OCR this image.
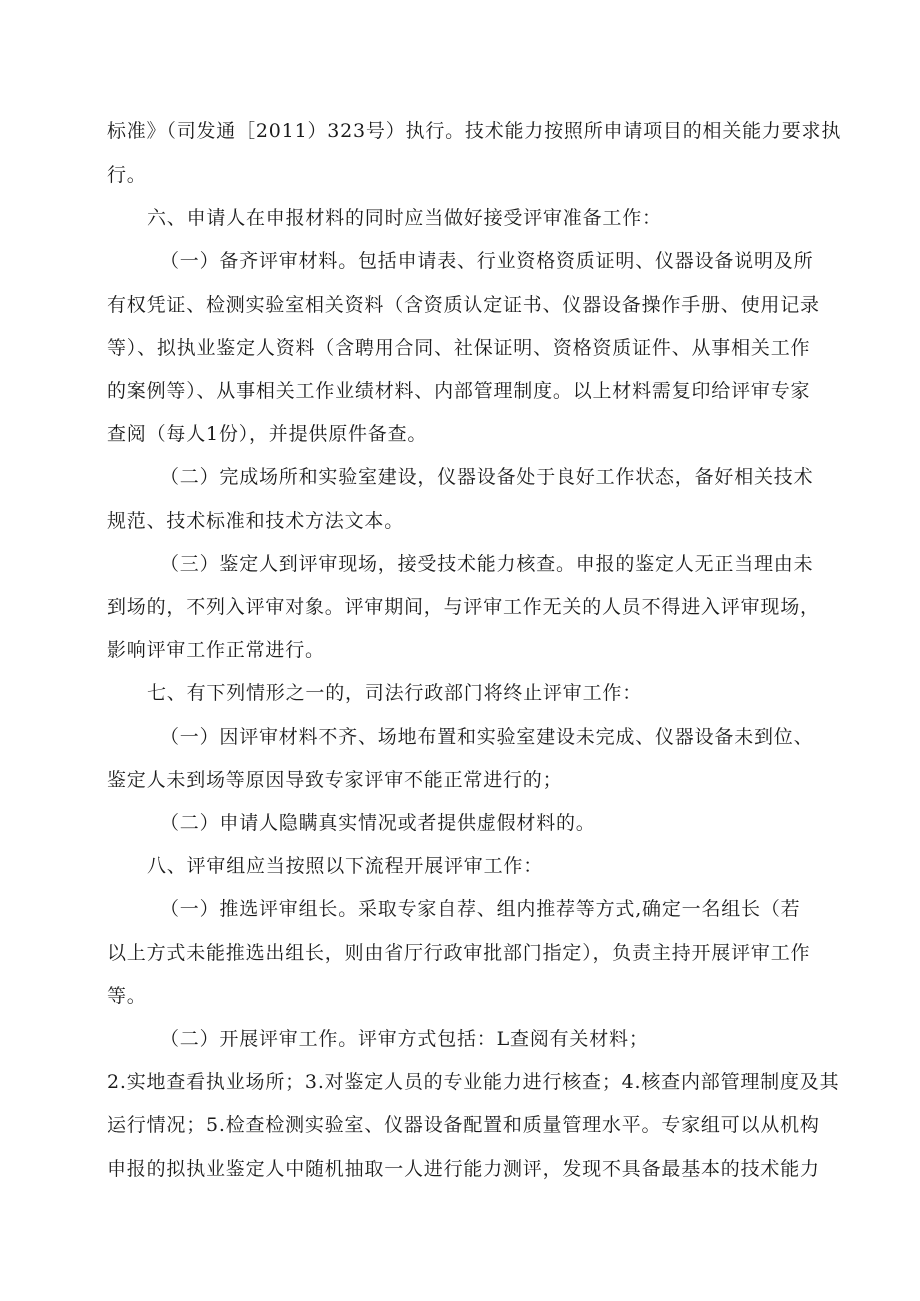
标准》（司发通［2011）323号）执行。技术能力按照所申请项目的相关能力要求执
行。
六、申请人在申报材料的同时应当做好接受评审准备工作：
（一）备齐评审材料。包括申请表、行业资格资质证明、仪器设备说明及所
有权凭证、检测实验室相关资料（含资质认定证书、仪器设备操作手册、使用记录
等）、拟执业鉴定人资料（含聘用合同、社保证明、资格资质证件、从事相关工作
的案例等）、从事相关工作业绩材料、内部管理制度。以上材料需复印给评审专家
查阅（每人1份），并提供原件备查。
（二）完成场所和实验室建设，仪器设备处于良好工作状态，备好相关技术
规范、技术标准和技术方法文本。
（三）鉴定人到评审现场，接受技术能力核查。申报的鉴定人无正当理由未
到场的，不列入评审对象。评审期间，与评审工作无关的人员不得进入评审现场，
影响评审工作正常进行。
七、有下列情形之一的，司法行政部门将终止评审工作：
（一）因评审材料不齐、场地布置和实验室建设未完成、仪器设备未到位、
鉴定人未到场等原因导致专家评审不能正常进行的；
（二）申请人隐瞒真实情况或者提供虚假材料的。
八、评审组应当按照以下流程开展评审工作：
（一）推选评审组长。采取专家自荐、组内推荐等方式,确定一名组长（若
以上方式未能推选出组长，则由省厅行政审批部门指定），负责主持开展评审工作
等。
（二）开展评审工作。评审方式包括：L查阅有关材料；
2.实地查看执业场所；3.对鉴定人员的专业能力进行核查；4.核查内部管理制度及其
运行情况；5.检查检测实验室、仪器设备配置和质量管理水平。专家组可以从机构
申报的拟执业鉴定人中随机抽取一人进行能力测评，发现不具备最基本的技术能力
